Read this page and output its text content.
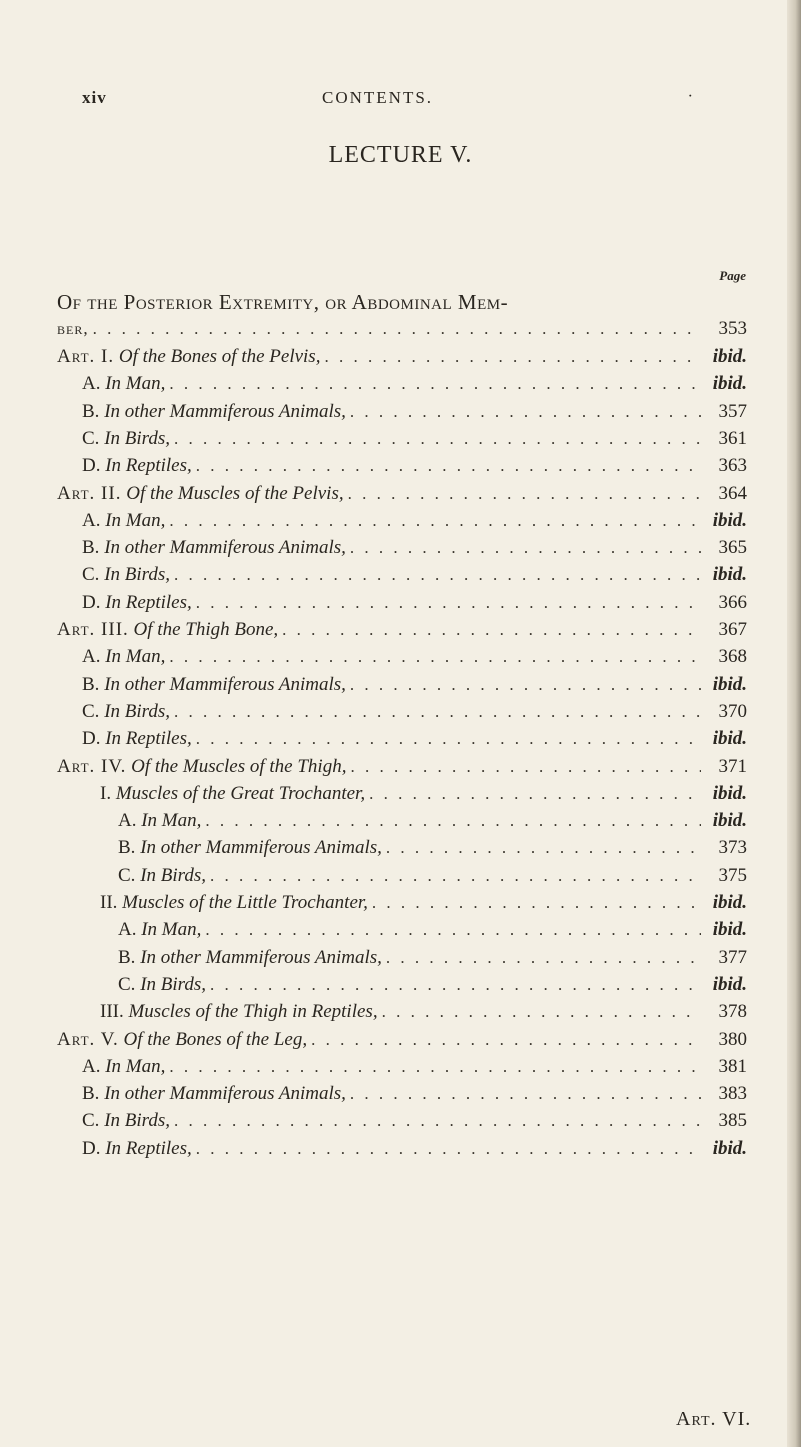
xiv	CONTENTS.	·
LECTURE V.
Page
Of the Posterior Extremity, or Abdominal Mem-
ber, . . .	353
Art. I. Of the Bones of the Pelvis, . . .	ibid.
A. In Man, . . .	ibid.
B. In other Mammiferous Animals, . . .	357
C. In Birds, . . .	361
D. In Reptiles, . . .	363
Art. II. Of the Muscles of the Pelvis, . . .	364
A. In Man, . . .	ibid.
B. In other Mammiferous Animals, . . .	365
C. In Birds, . . .	ibid.
D. In Reptiles, . . .	366
Art. III. Of the Thigh Bone, . . .	367
A. In Man, . . .	368
B. In other Mammiferous Animals, . . .	ibid.
C. In Birds, . . .	370
D. In Reptiles, . . .	ibid.
Art. IV. Of the Muscles of the Thigh, . . .	371
I. Muscles of the Great Trochanter, . . .	ibid.
A. In Man, . . .	ibid.
B. In other Mammiferous Animals, . . .	373
C. In Birds, . . .	375
II. Muscles of the Little Trochanter, . . .	ibid.
A. In Man, . . .	ibid.
B. In other Mammiferous Animals, . . .	377
C. In Birds, . . .	ibid.
III. Muscles of the Thigh in Reptiles, . . .	378
Art. V. Of the Bones of the Leg, . . .	380
A. In Man, . . .	381
B. In other Mammiferous Animals, . . .	383
C. In Birds, . . .	385
D. In Reptiles, . . .	ibid.
Art. VI.
